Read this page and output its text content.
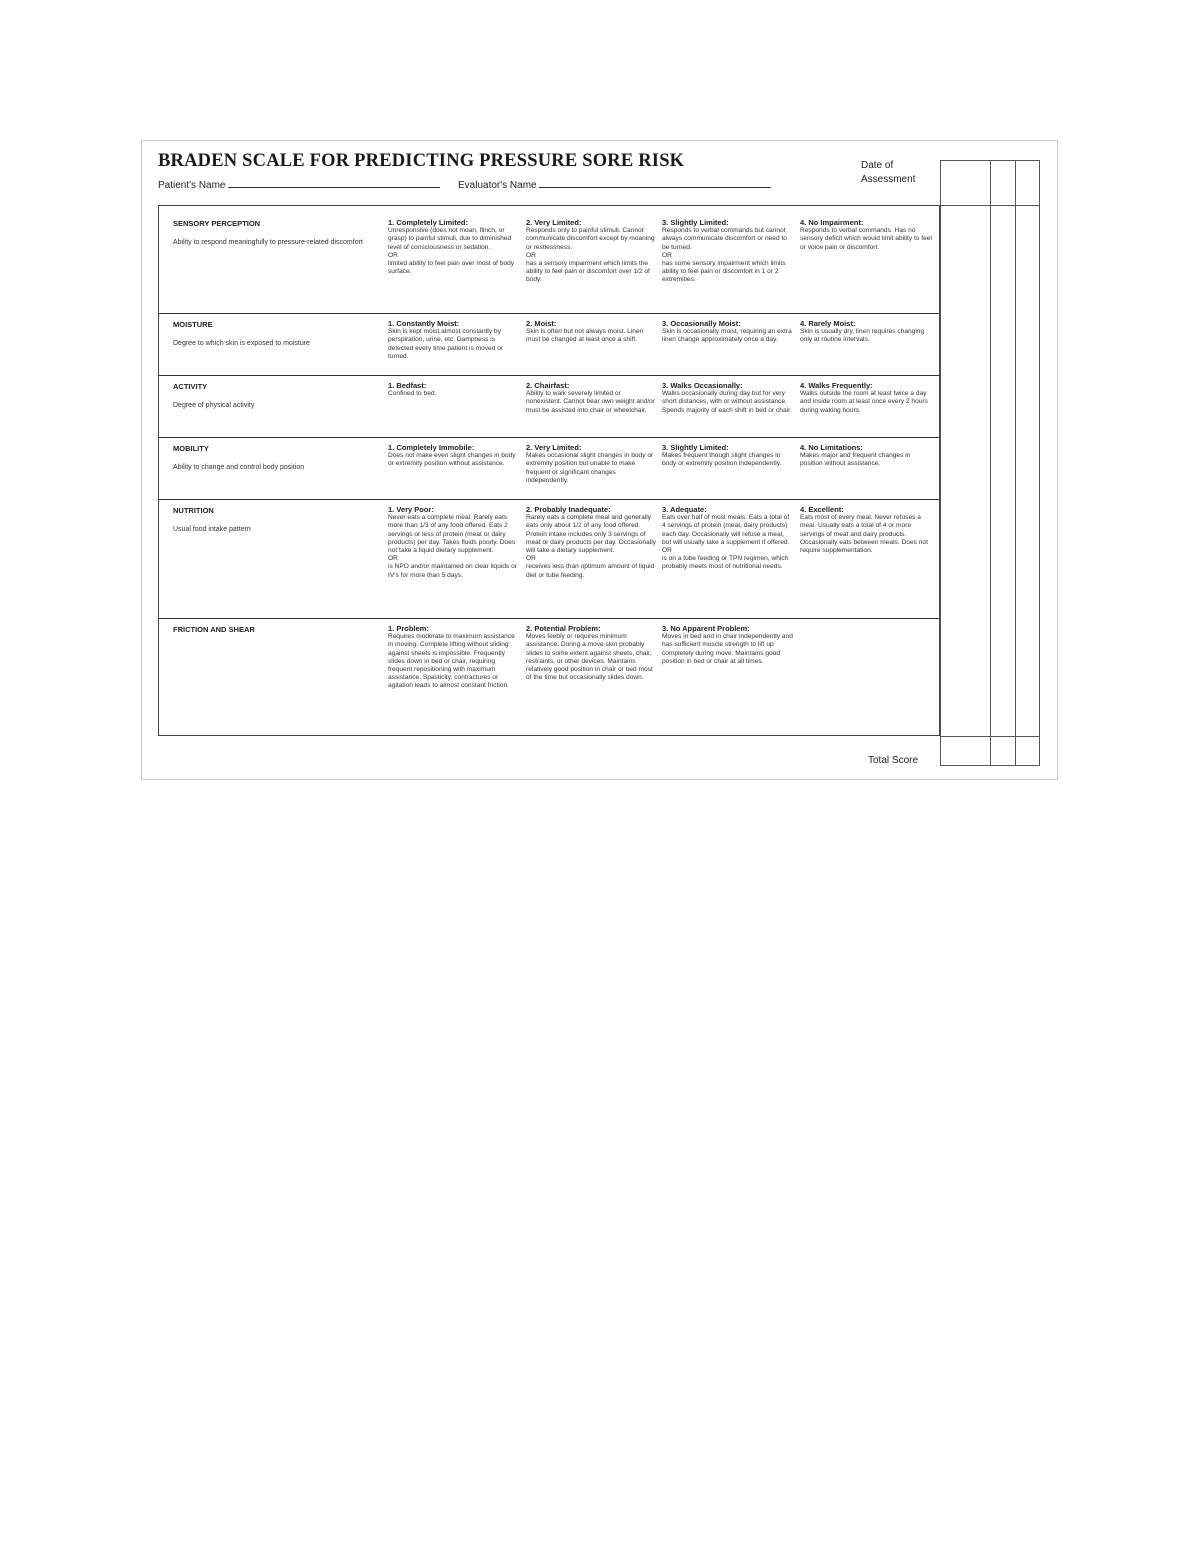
BRADEN SCALE FOR PREDICTING PRESSURE SORE RISK
Patient's Name	Evaluator's Name
Date of Assessment
SENSORY PERCEPTION
Ability to respond meaningfully to pressure-related discomfort
1. Completely Limited:
Unresponsive (does not moan, flinch, or grasp) to painful stimuli, due to diminished level of consciousness or sedation.
OR
limited ability to feel pain over most of body surface.
2. Very Limited:
Responds only to painful stimuli. Cannot communicate discomfort except by moaning or restlessness.
OR
has a sensory impairment which limits the ability to feel pain or discomfort over 1/2 of body.
3. Slightly Limited:
Responds to verbal commands but cannot always communicate discomfort or need to be turned.
OR
has some sensory impairment which limits ability to feel pain or discomfort in 1 or 2 extremities.
4. No Impairment:
Responds to verbal commands. Has no sensory deficit which would limit ability to feel or voice pain or discomfort.
MOISTURE
Degree to which skin is exposed to moisture
1. Constantly Moist:
Skin is kept moist almost constantly by perspiration, urine, etc. Dampness is detected every time patient is moved or turned.
2. Moist:
Skin is often but not always moist. Linen must be changed at least once a shift.
3. Occasionally Moist:
Skin is occasionally moist, requiring an extra linen change approximately once a day.
4. Rarely Moist:
Skin is usually dry, linen requires changing only at routine intervals.
ACTIVITY
Degree of physical activity
1. Bedfast:
Confined to bed.
2. Chairfast:
Ability to walk severely limited or nonexistent. Cannot bear own weight and/or must be assisted into chair or wheelchair.
3. Walks Occasionally:
Walks occasionally during day but for very short distances, with or without assistance. Spends majority of each shift in bed or chair.
4. Walks Frequently:
Walks outside the room at least twice a day and inside room at least once every 2 hours during waking hours.
MOBILITY
Ability to change and control body position
1. Completely Immobile:
Does not make even slight changes in body or extremity position without assistance.
2. Very Limited:
Makes occasional slight changes in body or extremity position but unable to make frequent or significant changes independently.
3. Slightly Limited:
Makes frequent though slight changes in body or extremity position independently.
4. No Limitations:
Makes major and frequent changes in position without assistance.
NUTRITION
Usual food intake pattern
1. Very Poor:
Never eats a complete meal. Rarely eats more than 1/3 of any food offered. Eats 2 servings or less of protein (meat or dairy products) per day. Takes fluids poorly. Does not take a liquid dietary supplement.
OR
is NPO and/or maintained on clear liquids or IV's for more than 5 days.
2. Probably Inadequate:
Rarely eats a complete meal and generally eats only about 1/2 of any food offered. Protein intake includes only 3 servings of meat or dairy products per day. Occasionally will take a dietary supplement.
OR
receives less than optimum amount of liquid diet or tube feeding.
3. Adequate:
Eats over half of most meals. Eats a total of 4 servings of protein (meat, dairy products) each day. Occasionally will refuse a meal, but will usually take a supplement if offered.
OR
is on a tube feeding or TPN regimen, which probably meets most of nutritional needs.
4. Excellent:
Eats most of every meal. Never refuses a meal. Usually eats a total of 4 or more servings of meat and dairy products. Occasionally eats between meals. Does not require supplementation.
FRICTION AND SHEAR	1. Problem:
Requires moderate to maximum assistance in moving. Complete lifting without sliding against sheets is impossible. Frequently slides down in bed or chair, requiring frequent repositioning with maximum assistance. Spasticity, contractures or agitation leads to almost constant friction.
2. Potential Problem:
Moves feebly or requires minimum assistance. During a move skin probably slides to some extent against sheets, chair, restraints, or other devices. Maintains relatively good position in chair or bed most of the time but occasionally slides down.
3. No Apparent Problem:
Moves in bed and in chair independently and has sufficient muscle strength to lift up completely during move. Maintains good position in bed or chair at all times.
Total Score
